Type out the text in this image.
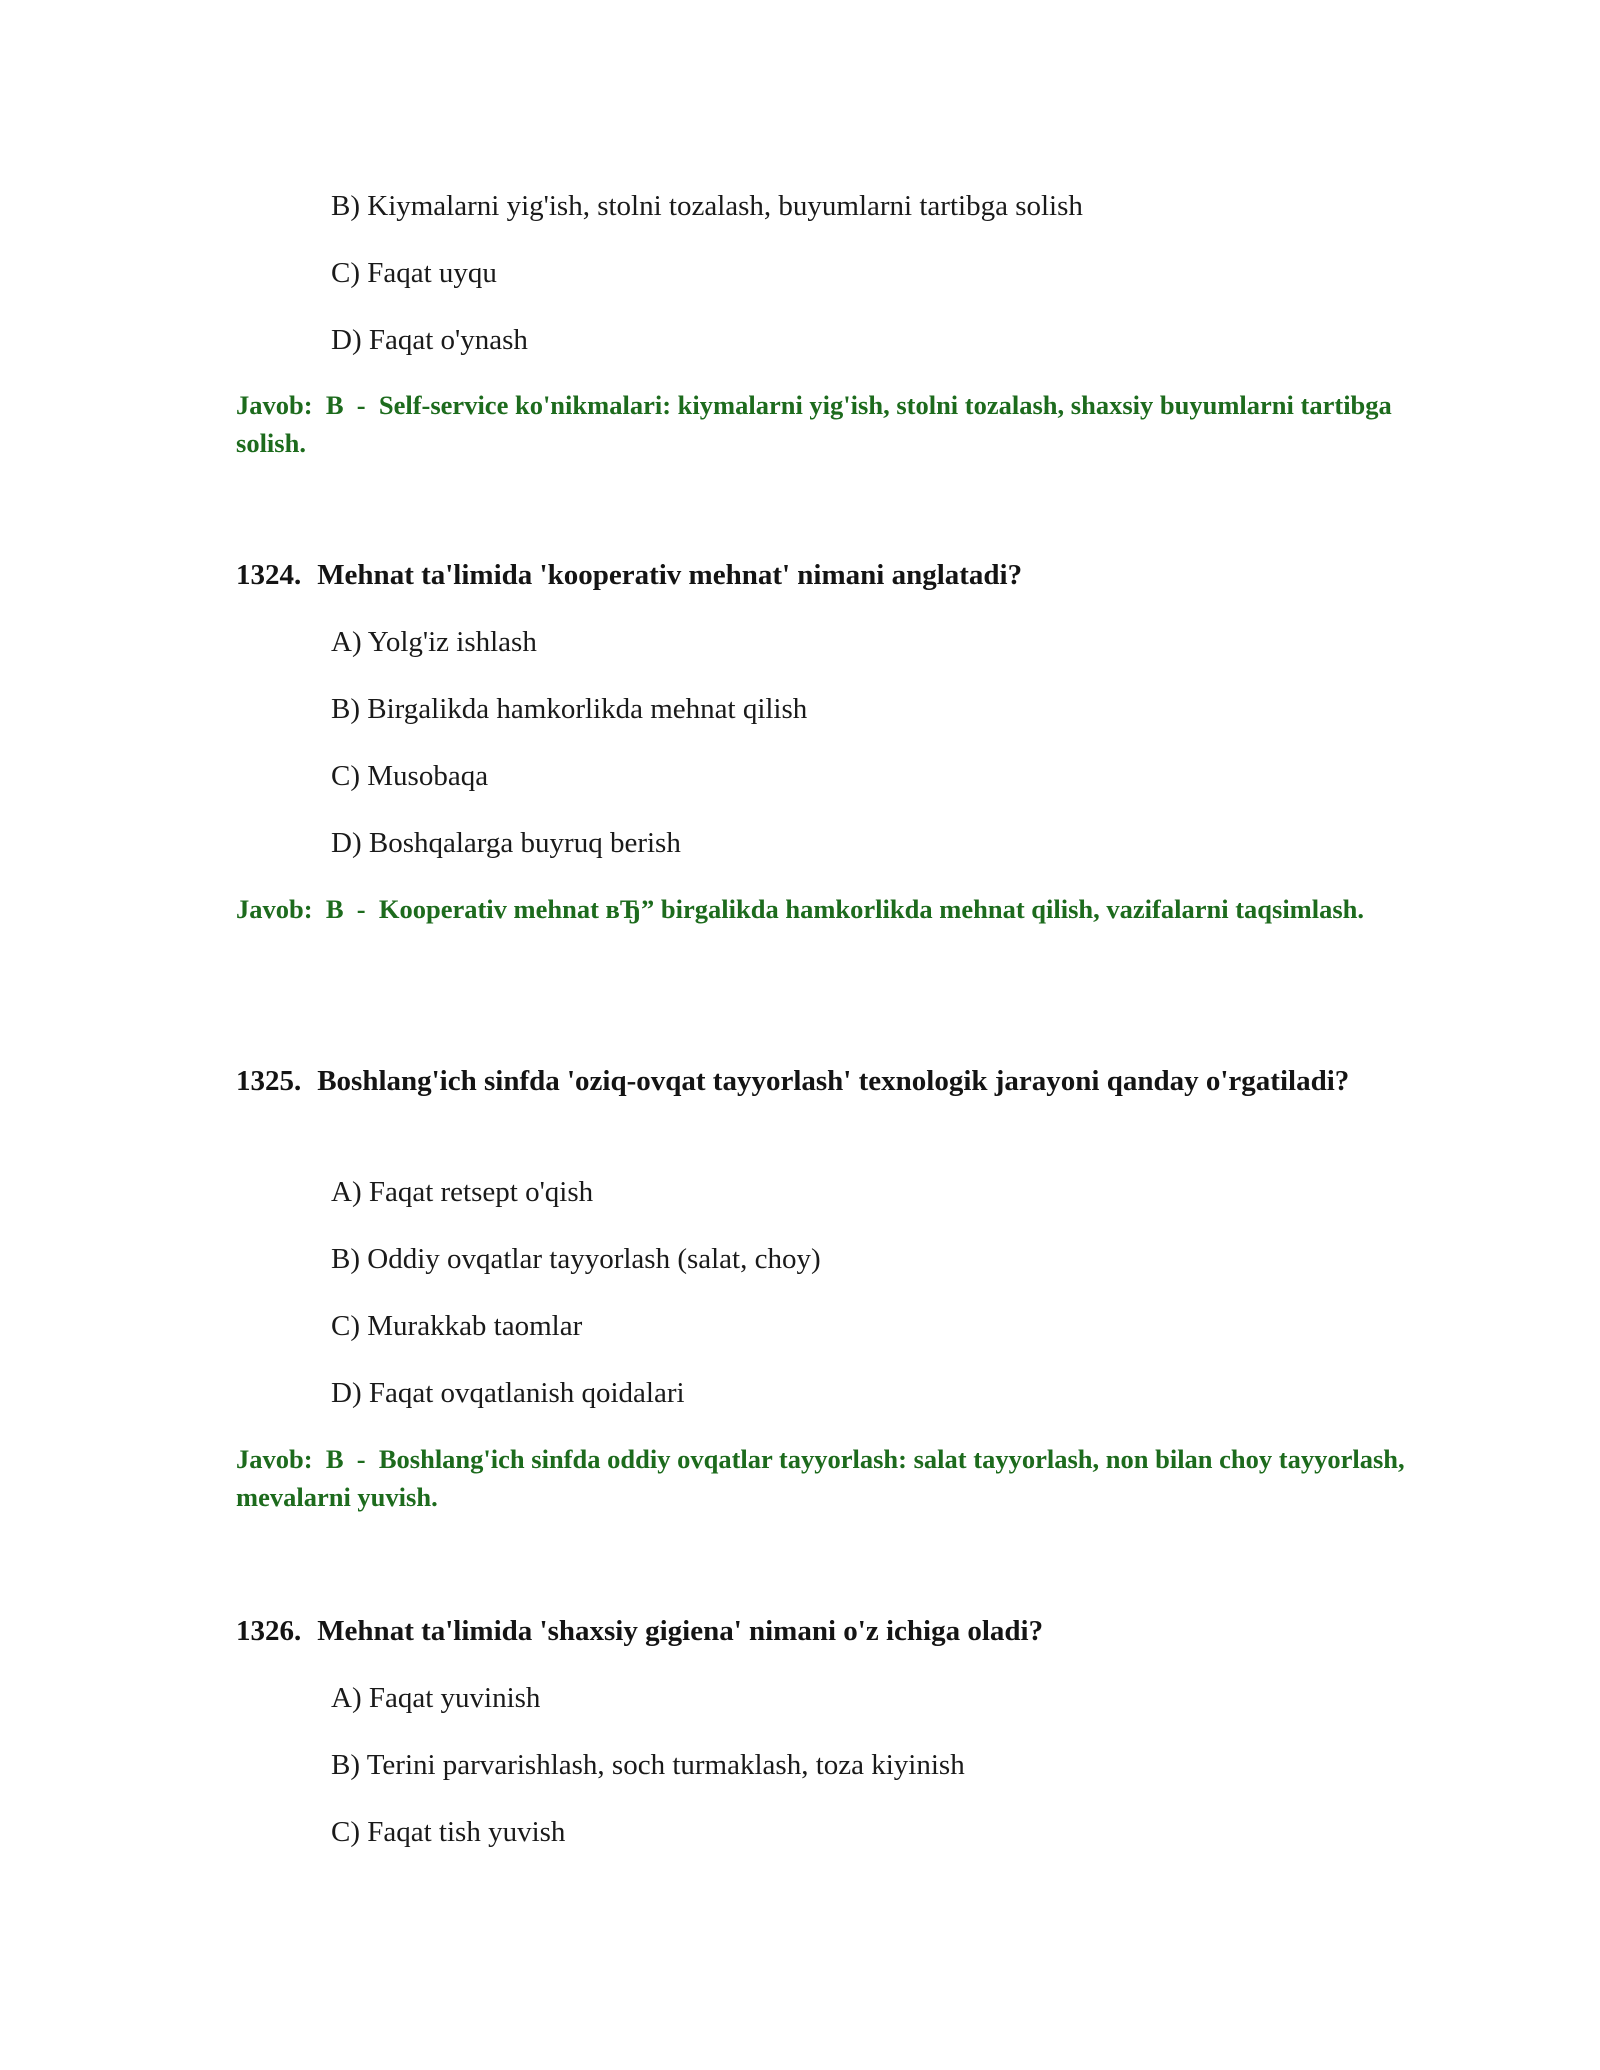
B) Kiymalarni yig'ish, stolni tozalash, buyumlarni tartibga solish
C) Faqat uyqu
D) Faqat o'ynash
Javob: B - Self-service ko'nikmalari: kiymalarni yig'ish, stolni tozalash, shaxsiy buyumlarni tartibga solish.
1324. Mehnat ta'limida 'kooperativ mehnat' nimani anglatadi?
A) Yolg'iz ishlash
B) Birgalikda hamkorlikda mehnat qilish
C) Musobaqa
D) Boshqalarga buyruq berish
Javob: B - Kooperativ mehnat вЂ” birgalikda hamkorlikda mehnat qilish, vazifalarni taqsimlash.
1325. Boshlang'ich sinfda 'oziq-ovqat tayyorlash' texnologik jarayoni qanday o'rgatiladi?
A) Faqat retsept o'qish
B) Oddiy ovqatlar tayyorlash (salat, choy)
C) Murakkab taomlar
D) Faqat ovqatlanish qoidalari
Javob: B - Boshlang'ich sinfda oddiy ovqatlar tayyorlash: salat tayyorlash, non bilan choy tayyorlash, mevalarni yuvish.
1326. Mehnat ta'limida 'shaxsiy gigiena' nimani o'z ichiga oladi?
A) Faqat yuvinish
B) Terini parvarishlash, soch turmaklash, toza kiyinish
C) Faqat tish yuvish
